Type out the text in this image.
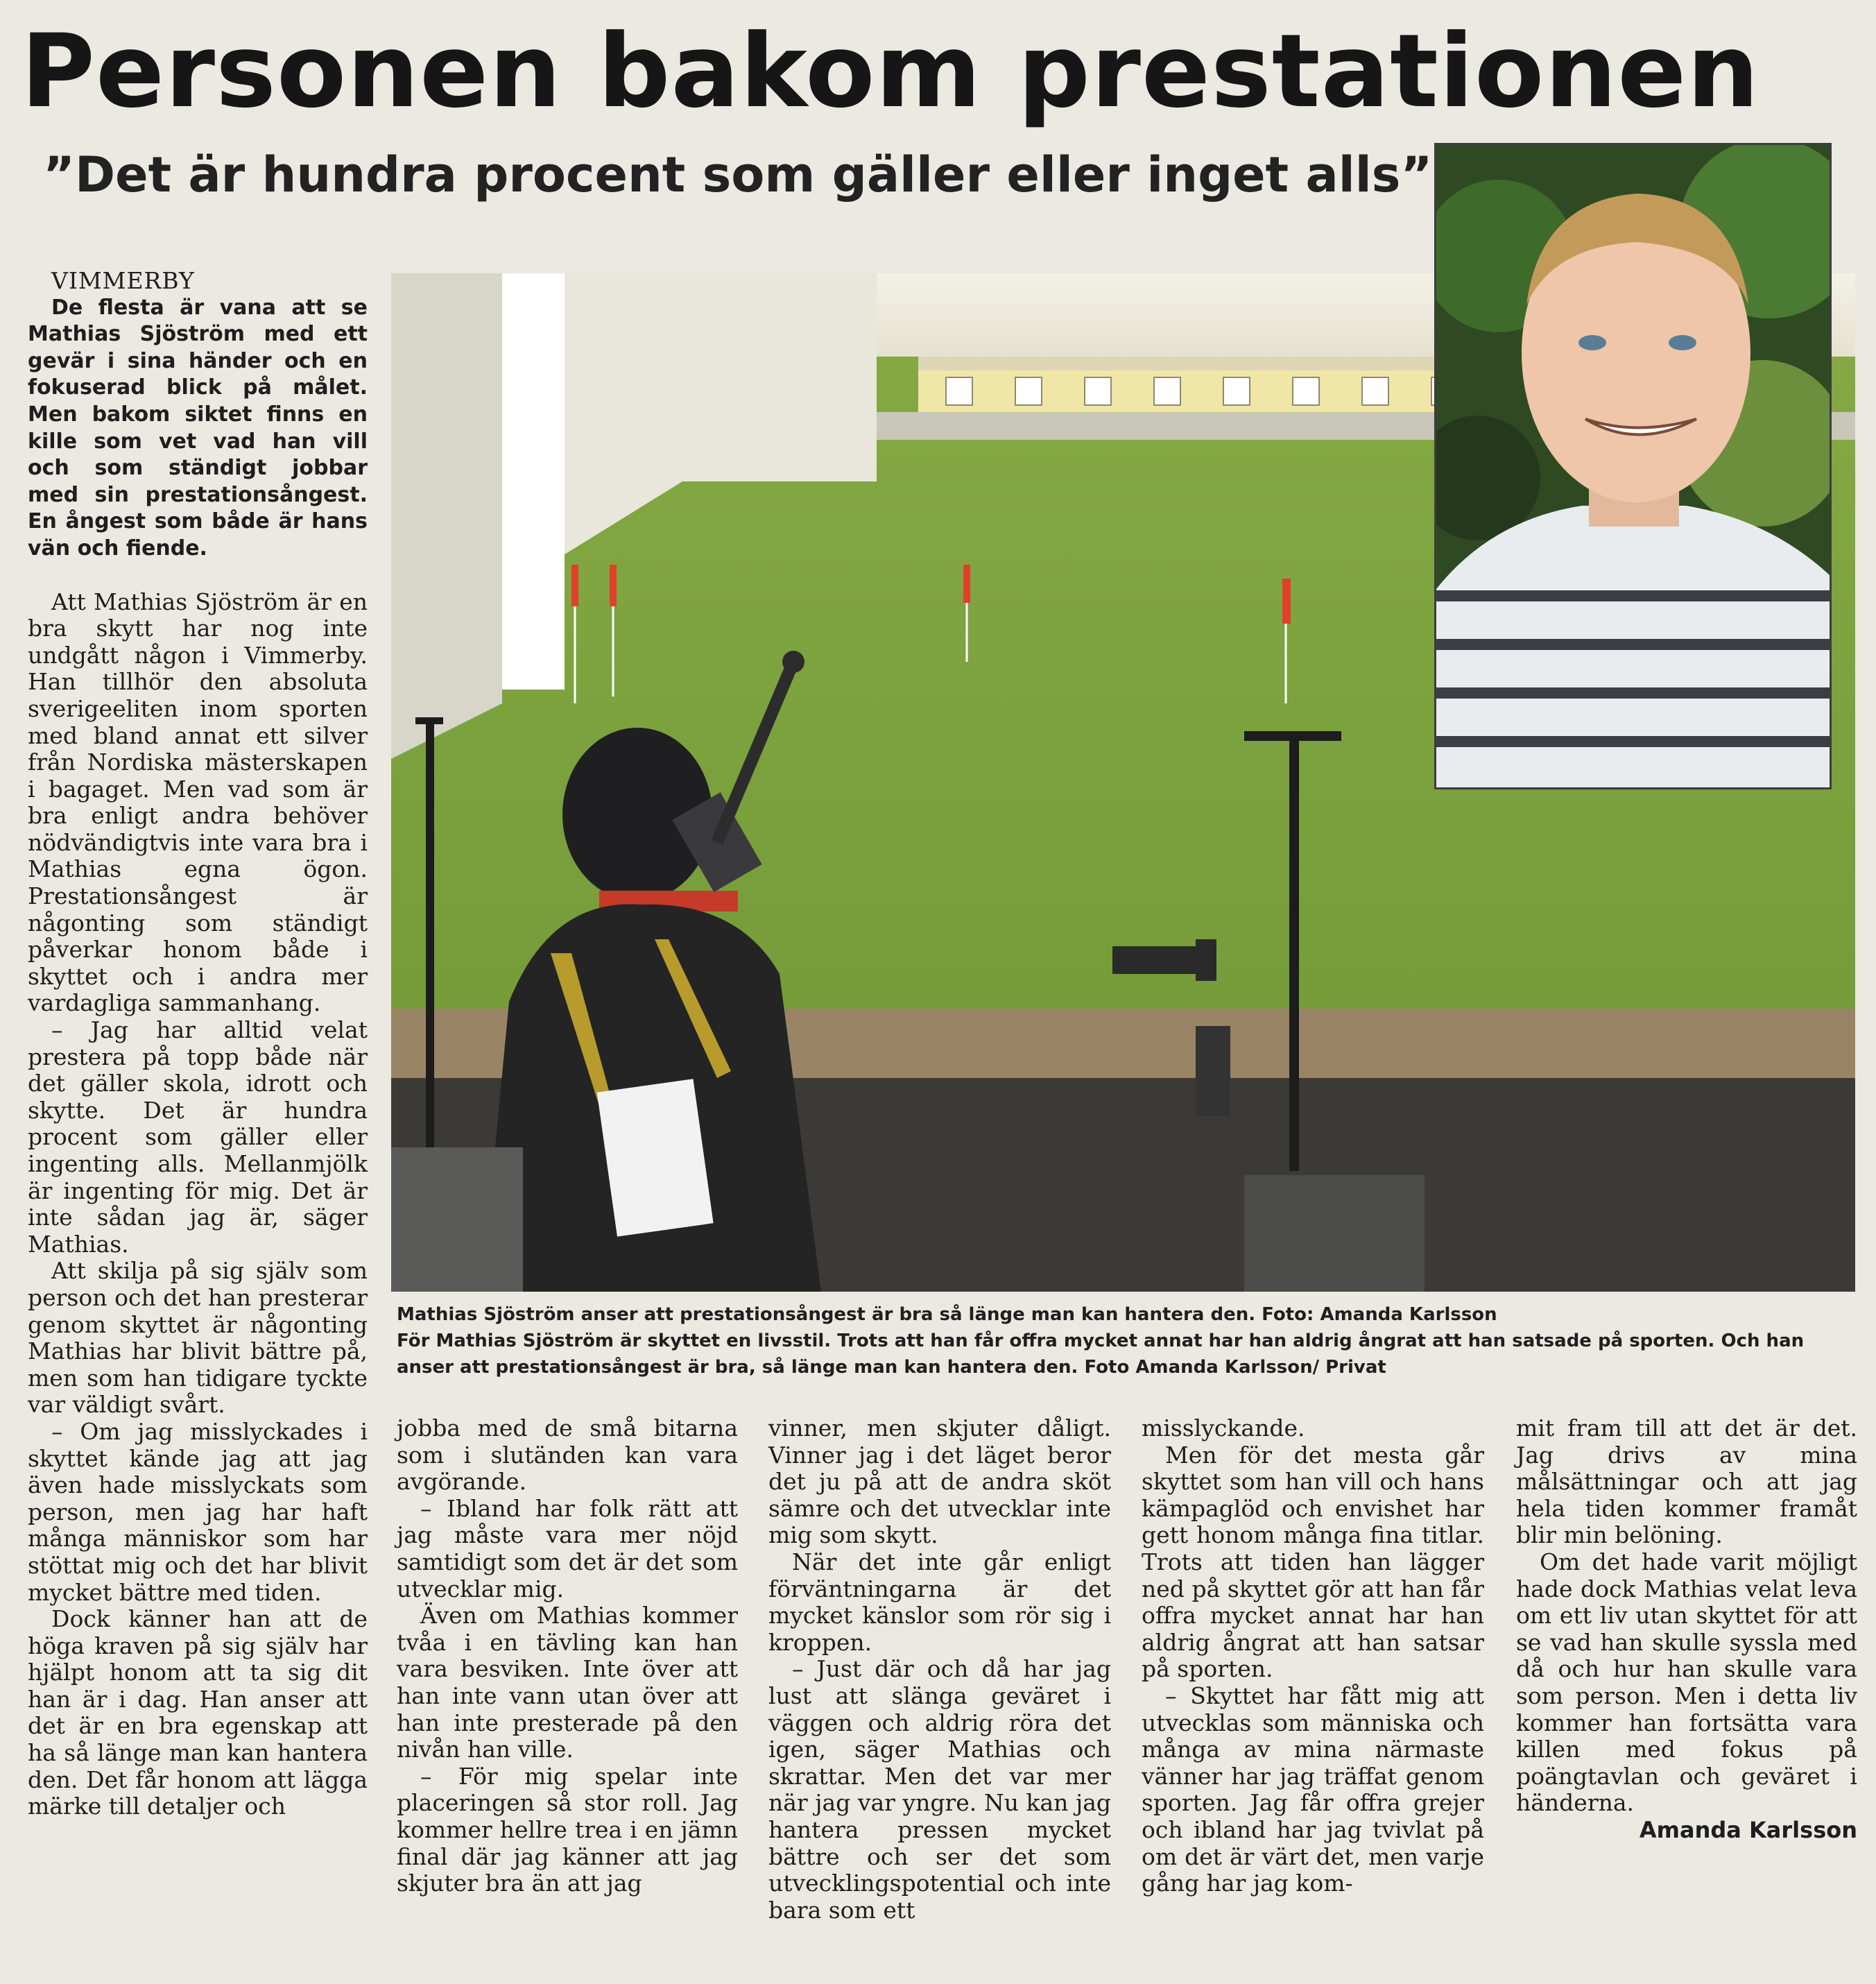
Personen bakom prestationen
”Det är hundra procent som gäller eller inget alls”

Mathias Sjöström anser att prestationsångest är bra så länge man kan hantera den. Foto: Amanda Karlsson

För Mathias Sjöström är skyttet en livsstil. Trots att han får offra mycket annat har han aldrig ångrat att han satsade på sporten. Och han anser att prestationsångest är bra, så länge man kan hantera den. Foto Amanda Karlsson/ Privat

VIMMERBY

De flesta är vana att se Mathias Sjöström med ett gevär i sina händer och en fokuserad blick på målet. Men bakom siktet finns en kille som vet vad han vill och som ständigt jobbar med sin prestationsångest. En ångest som både är hans vän och fiende.

Att Mathias Sjöström är en bra skytt har nog inte undgått någon i Vimmerby. Han tillhör den absoluta sverigeeliten inom sporten med bland annat ett silver från Nordiska mästerskapen i bagaget. Men vad som är bra enligt andra behöver nödvändigtvis inte vara bra i Mathias egna ögon. Prestationsångest är någonting som ständigt påverkar honom både i skyttet och i andra mer vardagliga sammanhang.

– Jag har alltid velat prestera på topp både när det gäller skola, idrott och skytte. Det är hundra procent som gäller eller ingenting alls. Mellanmjölk är ingenting för mig. Det är inte sådan jag är, säger Mathias.

Att skilja på sig själv som person och det han presterar genom skyttet är någonting Mathias har blivit bättre på, men som han tidigare tyckte var väldigt svårt.

– Om jag misslyckades i skyttet kände jag att jag även hade misslyckats som person, men jag har haft många människor som har stöttat mig och det har blivit mycket bättre med tiden.

Dock känner han att de höga kraven på sig själv har hjälpt honom att ta sig dit han är i dag. Han anser att det är en bra egenskap att ha så länge man kan hantera den. Det får honom att lägga märke till detaljer och

jobba med de små bitarna som i slutänden kan vara avgörande.

– Ibland har folk rätt att jag måste vara mer nöjd samtidigt som det är det som utvecklar mig.

Även om Mathias kommer tvåa i en tävling kan han vara besviken. Inte över att han inte vann utan över att han inte presterade på den nivån han ville.

– För mig spelar inte placeringen så stor roll. Jag kommer hellre trea i en jämn final där jag känner att jag skjuter bra än att jag

vinner, men skjuter dåligt. Vinner jag i det läget beror det ju på att de andra sköt sämre och det utvecklar inte mig som skytt.

När det inte går enligt förväntningarna är det mycket känslor som rör sig i kroppen.

– Just där och då har jag lust att slänga geväret i väggen och aldrig röra det igen, säger Mathias och skrattar. Men det var mer när jag var yngre. Nu kan jag hantera pressen mycket bättre och ser det som utvecklingspotential och inte bara som ett

misslyckande.

Men för det mesta går skyttet som han vill och hans kämpaglöd och envishet har gett honom många fina titlar. Trots att tiden han lägger ned på skyttet gör att han får offra mycket annat har han aldrig ångrat att han satsar på sporten.

– Skyttet har fått mig att utvecklas som människa och många av mina närmaste vänner har jag träffat genom sporten. Jag får offra grejer och ibland har jag tvivlat på om det är värt det, men varje gång har jag kom-

mit fram till att det är det. Jag drivs av mina målsättningar och att jag hela tiden kommer framåt blir min belöning.

Om det hade varit möjligt hade dock Mathias velat leva om ett liv utan skyttet för att se vad han skulle syssla med då och hur han skulle vara som person. Men i detta liv kommer han fortsätta vara killen med fokus på poängtavlan och geväret i händerna.

Amanda Karlsson
